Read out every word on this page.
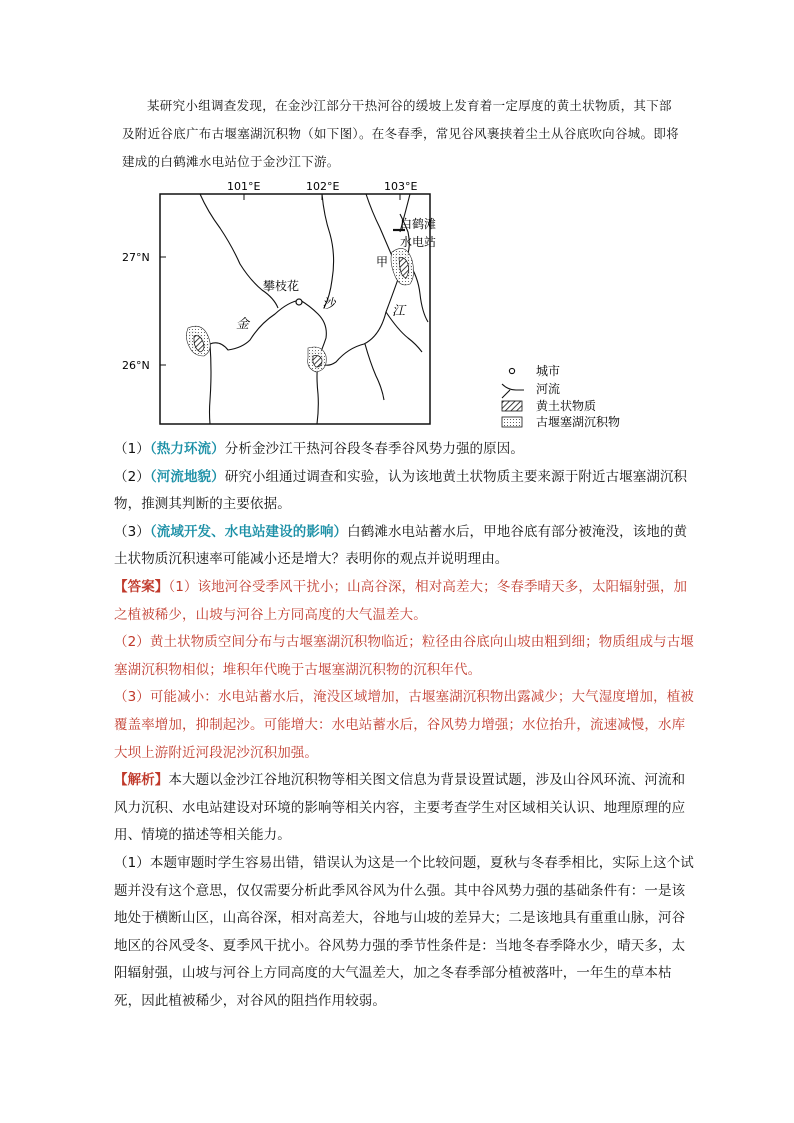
某研究小组调查发现，在金沙江部分干热河谷的缓坡上发育着一定厚度的黄土状物质，其下部及附近谷底广布古堰塞湖沉积物（如下图）。在冬春季，常见谷风裹挟着尘土从谷底吹向谷城。即将建成的白鹤滩水电站位于金沙江下游。

101°E	102°E	103°E
27°N
26°N
攀枝花
白鹤滩
水电站
甲
金
沙	江
城市
河流
黄土状物质
古堰塞湖沉积物

（1）（热力环流）分析金沙江干热河谷段冬春季谷风势力强的原因。

（2）（河流地貌）研究小组通过调查和实验，认为该地黄土状物质主要来源于附近古堰塞湖沉积物，推测其判断的主要依据。

（3）（流域开发、水电站建设的影响）白鹤滩水电站蓄水后，甲地谷底有部分被淹没，该地的黄土状物质沉积速率可能减小还是增大？表明你的观点并说明理由。

【答案】（1）该地河谷受季风干扰小；山高谷深，相对高差大；冬春季晴天多，太阳辐射强，加之植被稀少，山坡与河谷上方同高度的大气温差大。

（2）黄土状物质空间分布与古堰塞湖沉积物临近；粒径由谷底向山坡由粗到细；物质组成与古堰塞湖沉积物相似；堆积年代晚于古堰塞湖沉积物的沉积年代。

（3）可能减小：水电站蓄水后，淹没区域增加，古堰塞湖沉积物出露减少；大气湿度增加，植被覆盖率增加，抑制起沙。可能增大：水电站蓄水后，谷风势力增强；水位抬升，流速减慢，水库大坝上游附近河段泥沙沉积加强。

【解析】本大题以金沙江谷地沉积物等相关图文信息为背景设置试题，涉及山谷风环流、河流和风力沉积、水电站建设对环境的影响等相关内容，主要考查学生对区域相关认识、地理原理的应用、情境的描述等相关能力。

（1）本题审题时学生容易出错，错误认为这是一个比较问题，夏秋与冬春季相比，实际上这个试题并没有这个意思，仅仅需要分析此季风谷风为什么强。其中谷风势力强的基础条件有：一是该地处于横断山区，山高谷深，相对高差大，谷地与山坡的差异大；二是该地具有重重山脉，河谷地区的谷风受冬、夏季风干扰小。谷风势力强的季节性条件是：当地冬春季降水少，晴天多，太阳辐射强，山坡与河谷上方同高度的大气温差大，加之冬春季部分植被落叶，一年生的草本枯死，因此植被稀少，对谷风的阻挡作用较弱。
